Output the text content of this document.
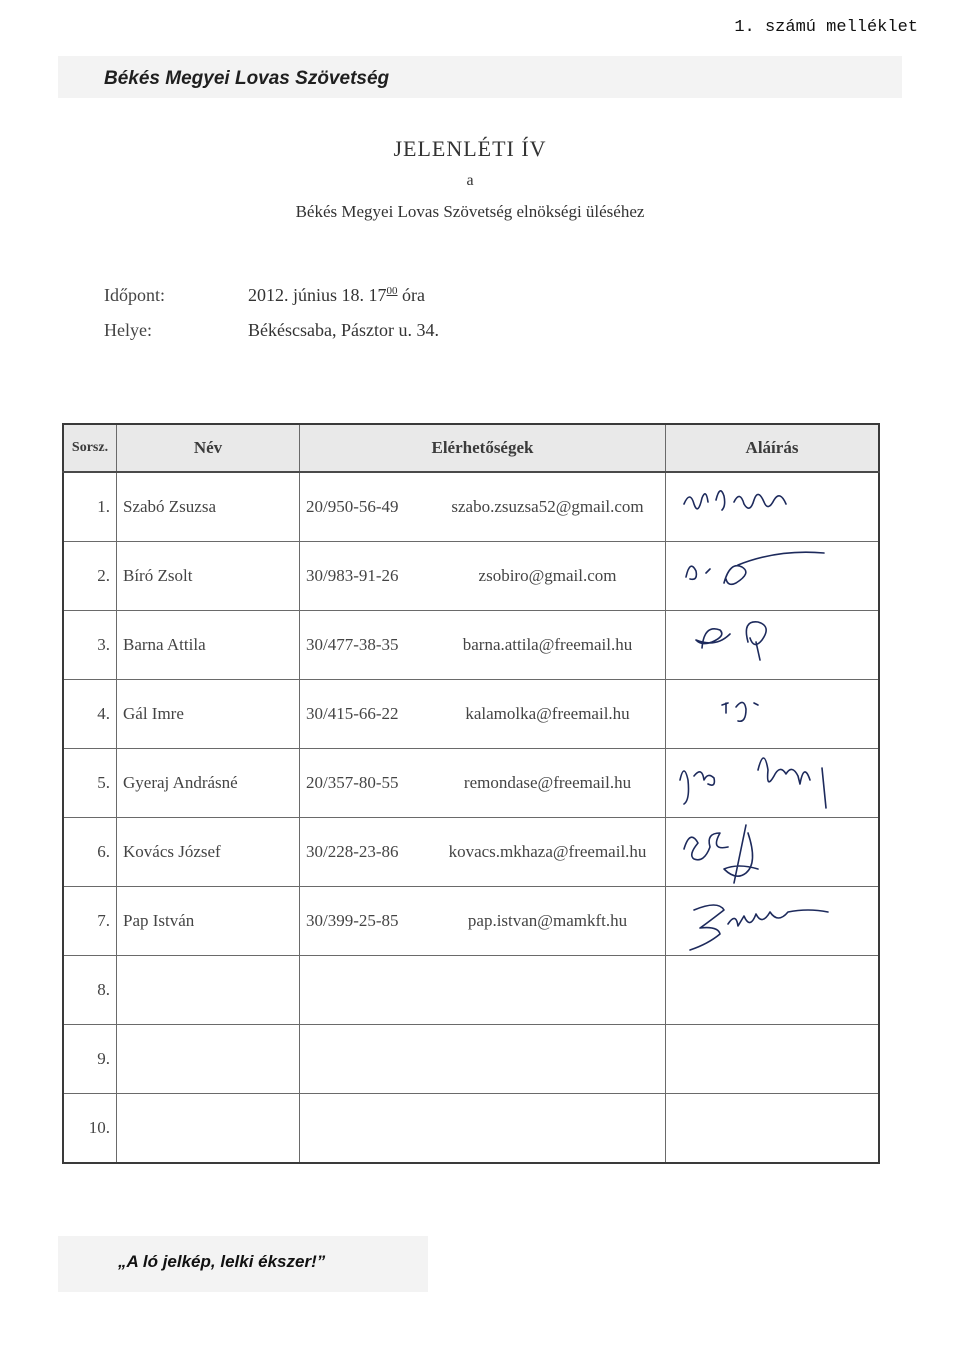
1. számú melléklet
Békés Megyei Lovas Szövetség
JELENLÉTI ÍV
a
Békés Megyei Lovas Szövetség elnökségi üléséhez
Időpont:	2012. június 18. $17^{00}$ óra
Helye:	Békéscsaba, Pásztor u. 34.
Sorsz.	Név	Elérhetőségek		Aláírás
1.	Szabó Zsuzsa	20/950-56-49	szabo.zsuzsa52@gmail.com	

2.	Bíró Zsolt	30/983-91-26	zsobiro@gmail.com	

3.	Barna Attila	30/477-38-35	barna.attila@freemail.hu	

4.	Gál Imre	30/415-66-22	kalamolka@freemail.hu	

5.	Gyeraj Andrásné	20/357-80-55	remondase@freemail.hu	

6.	Kovács József	30/228-23-86	kovacs.mkhaza@freemail.hu	

7.	Pap István	30/399-25-85	pap.istvan@mamkft.hu	

8.				
9.				
10.				
„A ló jelkép, lelki ékszer!”
